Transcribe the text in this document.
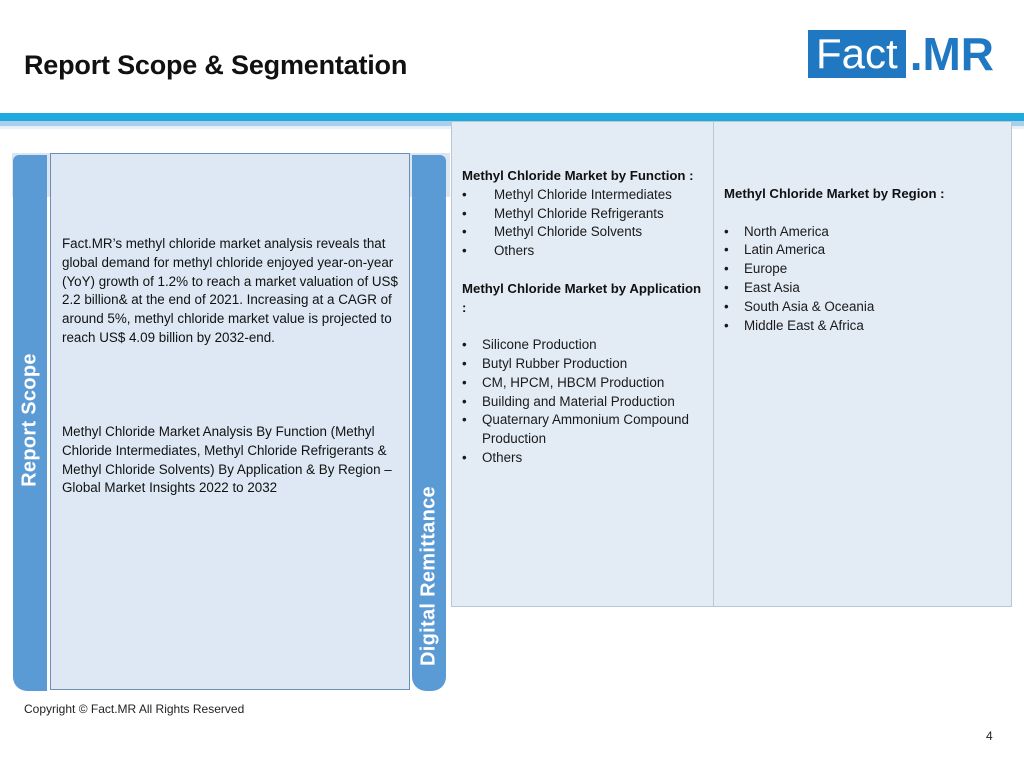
Report Scope & Segmentation	Fact .MR
Report Scope
Fact.MR’s methyl chloride market analysis reveals that global demand for methyl chloride enjoyed year-on-year (YoY) growth of 1.2% to reach a market valuation of US$ 2.2 billion& at the end of 2021. Increasing at a CAGR of around 5%, methyl chloride market value is projected to reach US$ 4.09 billion by 2032-end.
Methyl Chloride Market Analysis By Function (Methyl Chloride Intermediates, Methyl Chloride Refrigerants & Methyl Chloride Solvents) By Application & By Region – Global Market Insights 2022 to 2032	Digital Remittance
Methyl Chloride Market by Function :
• Methyl Chloride Intermediates
• Methyl Chloride Refrigerants
• Methyl Chloride Solvents
• Others
Methyl Chloride Market by Application :
• Silicone Production
• Butyl Rubber Production
• CM, HPCM, HBCM Production
• Building and Material Production
• Quaternary Ammonium Compound Production
• Others
Methyl Chloride Market by Region :
• North America
• Latin America
• Europe
• East Asia
• South Asia & Oceania
• Middle East & Africa
Copyright © Fact.MR All Rights Reserved
4
